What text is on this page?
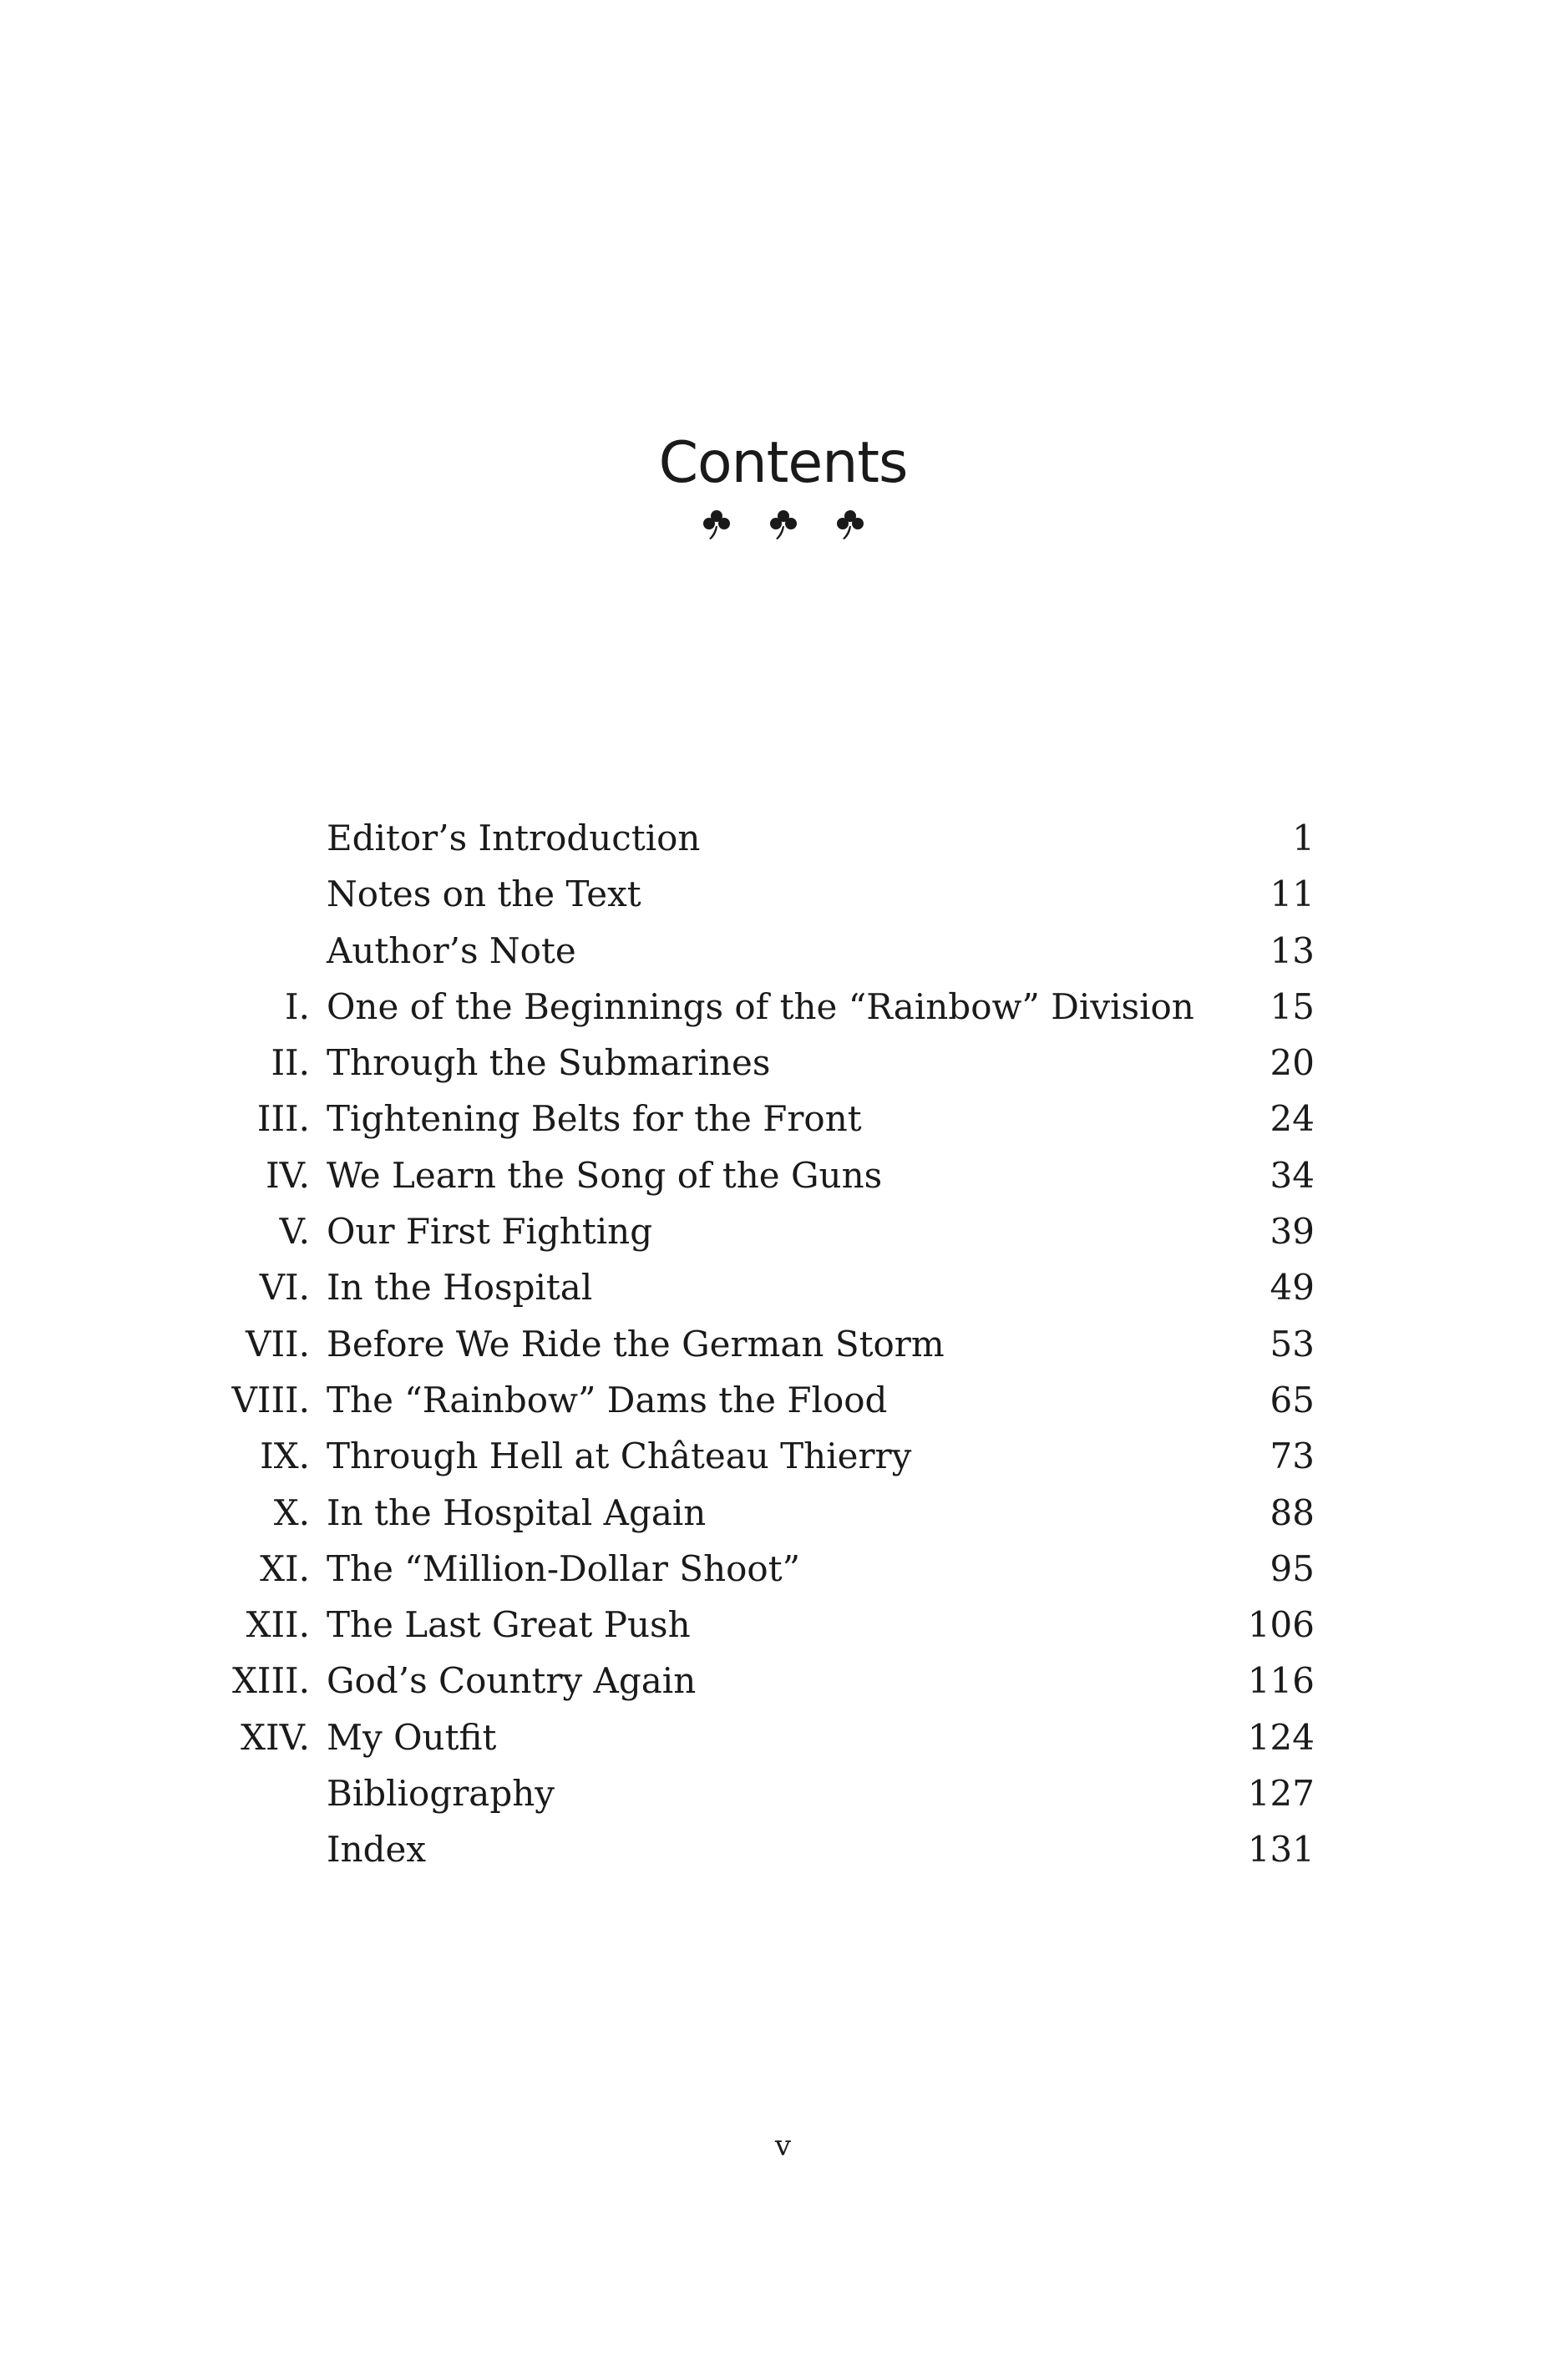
Contents
Editor’s Introduction	1
Notes on the Text	11
Author’s Note	13
I. One of the Beginnings of the “Rainbow” Division 15
II. Through the Submarines	20
III. Tightening Belts for the Front	24
IV. We Learn the Song of the Guns	34
V. Our First Fighting	39
VI. In the Hospital	49
VII. Before We Ride the German Storm	53
VIII. The “Rainbow” Dams the Flood	65
IX. Through Hell at Château Thierry	73
X. In the Hospital Again	88
XI. The “Million-Dollar Shoot”	95
XII. The Last Great Push	106
XIII. God’s Country Again	116
XIV. My Outfit	124
Bibliography	127
Index	131
v
